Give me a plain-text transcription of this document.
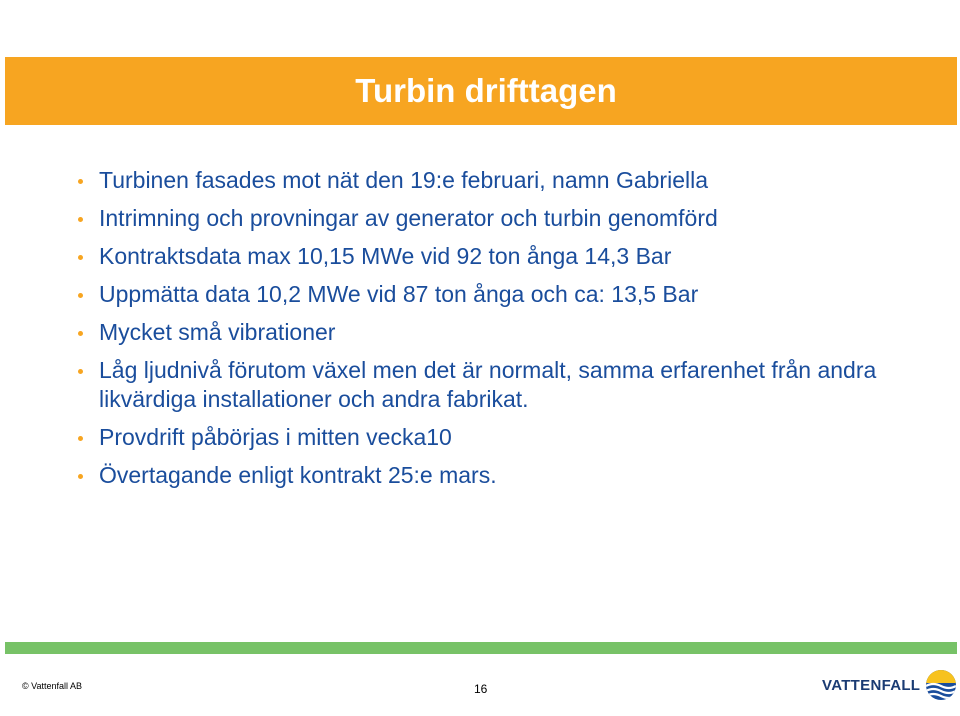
Turbin drifttagen
Turbinen fasades mot nät den 19:e februari, namn Gabriella
Intrimning och provningar av generator och turbin genomförd
Kontraktsdata max 10,15 MWe vid 92 ton ånga 14,3 Bar
Uppmätta data 10,2 MWe vid 87 ton ånga och ca: 13,5 Bar
Mycket små vibrationer
Låg ljudnivå förutom växel men det är normalt, samma erfarenhet från andra likvärdiga installationer och andra fabrikat.
Provdrift påbörjas i mitten vecka10
Övertagande enligt kontrakt 25:e mars.
© Vattenfall AB	16	VATTENFALL
